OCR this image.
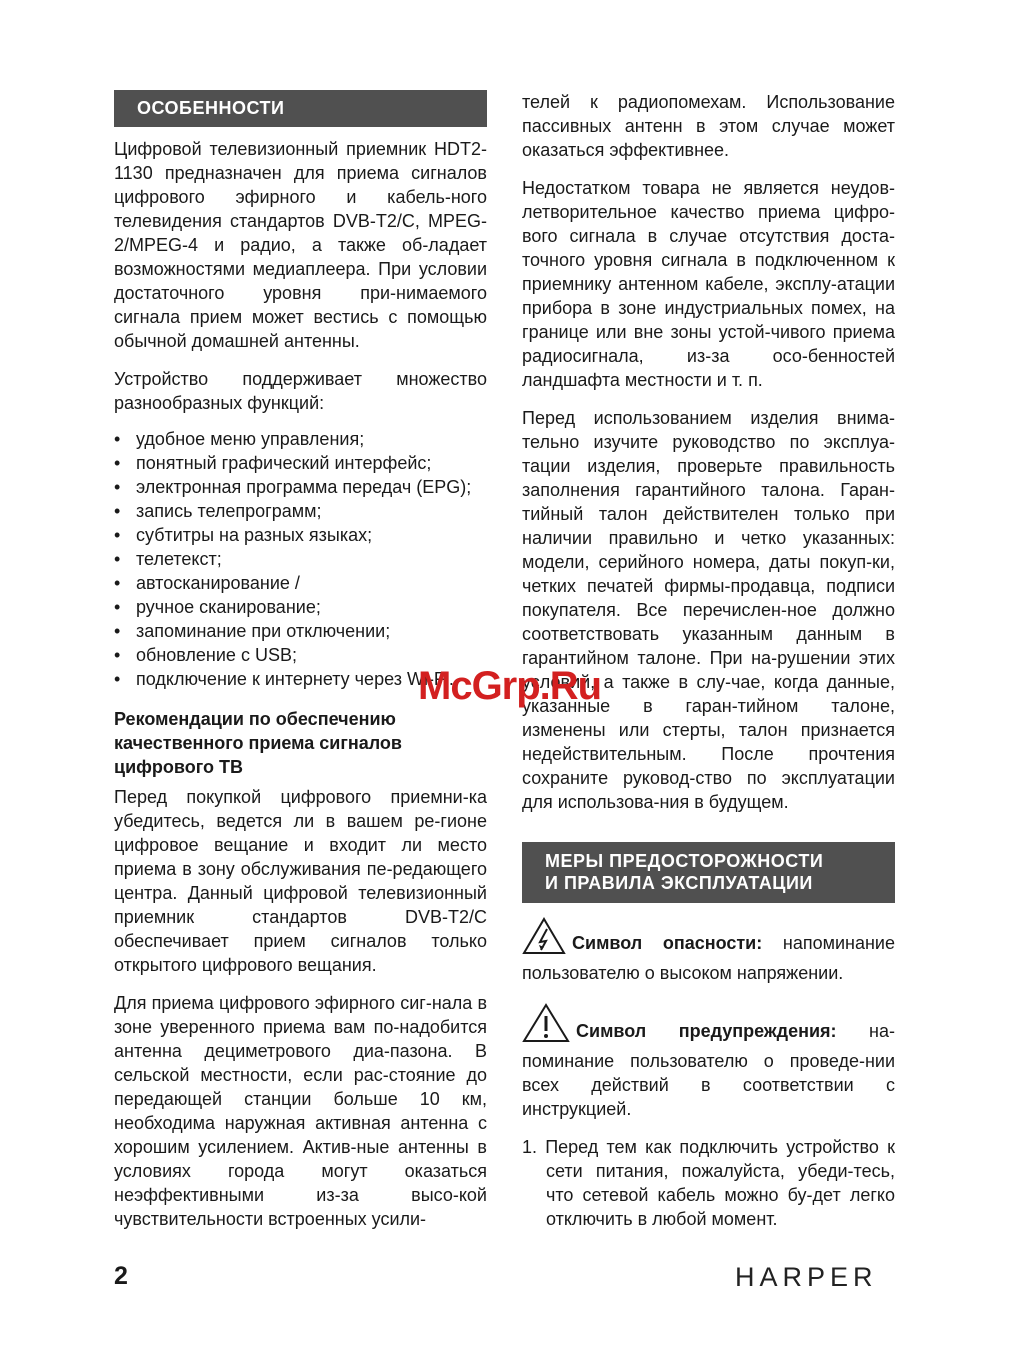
ОСОБЕННОСТИ

Цифровой телевизионный приемник HDT2-1130 предназначен для приема сигналов цифрового эфирного и кабель-ного телевидения стандартов DVB-T2/C, MPEG-2/MPEG-4 и радио, а также об-ладает возможностями медиаплеера. При условии достаточного уровня при-нимаемого сигнала прием может вестись с помощью обычной домашней антенны.

Устройство поддерживает множество разнообразных функций:

• удобное меню управления;
• понятный графический интерфейс;
• электронная программа передач (EPG);
• запись телепрограмм;
• субтитры на разных языках;
• телетекст;
• автосканирование /
• ручное сканирование;
• запоминание при отключении;
• обновление с USB;
• подключение к интернету через Wi-Fi.
Рекомендации по обеспечению качественного приема сигналов цифрового ТВ

Перед покупкой цифрового приемни-ка убедитесь, ведется ли в вашем ре-гионе цифровое вещание и входит ли место приема в зону обслуживания пе-редающего центра. Данный цифровой телевизионный приемник стандартов DVB-T2/C обеспечивает прием сигналов только открытого цифрового вещания.

Для приема цифрового эфирного сиг-нала в зоне уверенного приема вам по-надобится антенна дециметрового диа-пазона. В сельской местности, если рас-стояние до передающей станции больше 10 км, необходима наружная активная антенна с хорошим усилением. Актив-ные антенны в условиях города могут оказаться неэффективными из-за высо-кой чувствительности встроенных усили-

телей к радиопомехам. Использование пассивных антенн в этом случае может оказаться эффективнее.

Недостатком товара не является неудов-летворительное качество приема цифро-вого сигнала в случае отсутствия доста-точного уровня сигнала в подключенном к приемнику антенном кабеле, эксплу-атации прибора в зоне индустриальных помех, на границе или вне зоны устой-чивого приема радиосигнала, из-за осо-бенностей ландшафта местности и т. п.

Перед использованием изделия внима-тельно изучите руководство по эксплуа-тации изделия, проверьте правильность заполнения гарантийного талона. Гаран-тийный талон действителен только при наличии правильно и четко указанных: модели, серийного номера, даты покуп-ки, четких печатей фирмы-продавца, подписи покупателя. Все перечислен-ное должно соответствовать указанным данным в гарантийном талоне. При на-рушении этих условий, а также в слу-чае, когда данные, указанные в гаран-тийном талоне, изменены или стерты, талон признается недействительным. После прочтения сохраните руковод-ство по эксплуатации для использова-ния в будущем.

МЕРЫ ПРЕДОСТОРОЖНОСТИ
И ПРАВИЛА ЭКСПЛУАТАЦИИ

Символ опасности: напоминание пользователю о высоком напряжении.

Символ предупреждения: на-поминание пользователю о проведе-нии всех действий в соответствии с инструкцией.

1. Перед тем как подключить устройство к сети питания, пожалуйста, убеди-тесь, что сетевой кабель можно бу-дет легко отключить в любой момент.
McGrp.Ru
2	HARPER
